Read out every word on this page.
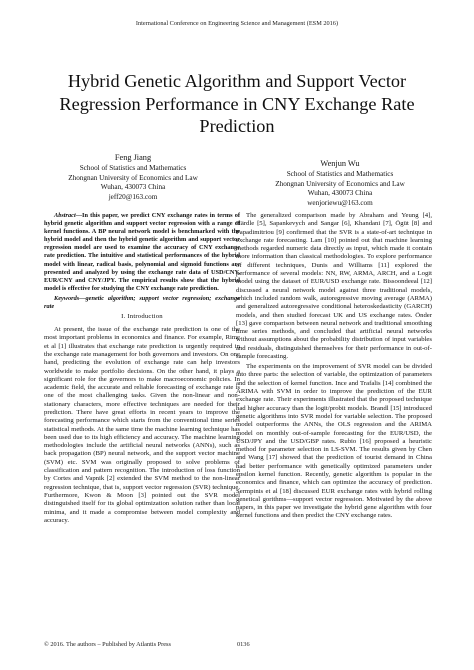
International Conference on Engineering Science and Management (ESM 2016)
Hybrid Genetic Algorithm and Support Vector Regression Performance in CNY Exchange Rate Prediction
Feng Jiang
School of Statistics and Mathematics
Zhongnan University of Economics and Law
Wuhan, 430073 China
jeff20@163.com
Wenjun Wu
School of Statistics and Mathematics
Zhongnan University of Economics and Law
Wuhan, 430073 China
wenjoriewu@163.com

Abstract—In this paper, we predict CNY exchange rates in terms of hybrid genetic algorithm and support vector regression with a range of kernel functions. A BP neural network model is benchmarked with the hybrid model and then the hybrid genetic algorithm and support vector regression model are used to examine the accuracy of CNY exchange rate prediction. The intuitive and statistical performances of the hybrid model with linear, radical basis, polynomial and sigmoid functions are presented and analyzed by using the exchange rate data of USD/CNY, EUR/CNY and CNY/JPY. The empirical results show that the hybrid model is effective for studying the CNY exchange rate prediction.

Keywords—genetic algorithm; support vector regression; exchange rate

I. Introduction

At present, the issue of the exchange rate prediction is one of the most important problems in economics and finance. For example, Rime et al [1] illustrates that exchange rate prediction is urgently required in the exchange rate management for both governors and investors. On one hand, predicting the evolution of exchange rate can help investors worldwide to make portfolio decisions. On the other hand, it plays a significant role for the governors to make macroeconomic policies. In academic field, the accurate and reliable forecasting of exchange rate is one of the most challenging tasks. Given the non-linear and non-stationary characters, more effective techniques are needed for their prediction. There have great efforts in recent years to improve the forecasting performance which starts from the conventional time series statistical methods. At the same time the machine learning technique has been used due to its high efficiency and accuracy. The machine learning methodologies include the artificial neural networks (ANNs), such as back propagation (BP) neural network, and the support vector machine (SVM) etc. SVM was originally proposed to solve problems of classification and pattern recognition. The introduction of loss function by Cortes and Vapnik [2] extended the SVM method to the non-linear regression technique, that is, support vector regression (SVR) technique. Furthermore, Kwon & Moon [3] pointed out the SVR model distinguished itself for its global optimization solution rather than local minima, and it made a compromise between model complexity and accuracy.

The generalized comparison made by Abraham and Yeung [4], Härdle [5], Sapankevych and Sangar [6], Khandani [7], Ögüt [8] and Papadimitriou [9] confirmed that the SVR is a state-of-art technique in exchange rate forecasting. Lam [10] pointed out that machine learning methods regarded numeric data directly as input, which made it contain more information than classical methodologies. To explore performance of different techniques, Dunis and Williams [11] explored the performance of several models: NN, RW, ARMA, ARCH, and a Logit model using the dataset of EUR/USD exchange rate. Bissoondeeal [12] discussed a neural network model against three traditional models, which included random walk, autoregressive moving average (ARMA) and generalized autoregressive conditional heteroskedasticity (GARCH) models, and then studied forecast UK and US exchange rates. Önder [13] gave comparison between neural network and traditional smoothing time series methods, and concluded that artificial neural networks without assumptions about the probability distribution of input variables and residuals, distinguished themselves for their performance in out-of-sample forecasting.

The experiments on the improvement of SVR model can be divided into three parts: the selection of variable, the optimization of parameters and the selection of kernel function. Ince and Trafalis [14] combined the ARIMA with SVM in order to improve the prediction of the EUR exchange rate. Their experiments illustrated that the proposed technique had higher accuracy than the logit/probit models. Brandl [15] introduced genetic algorithms into SVR model for variable selection. The proposed model outperforms the ANNs, the OLS regression and the ARIMA model on monthly out-of-sample forecasting for the EUR/USD, the USD/JPY and the USD/GBP rates. Rubio [16] proposed a heuristic method for parameter selection in LS-SVM. The results given by Chen and Wang [17] showed that the prediction of tourist demand in China had better performance with genetically optimized parameters under epsilon kernel function. Recently, genetic algorithm is popular in the economics and finance, which can optimize the accuracy of prediction. Sermpinis et al [18] discussed EUR exchange rates with hybrid rolling genetical gorithms—support vector regression. Motivated by the above papers, in this paper we investigate the hybrid gene algorithm with four kernel functions and then predict the CNY exchange rates.

© 2016. The authors – Published by Atlantis Press	0136
